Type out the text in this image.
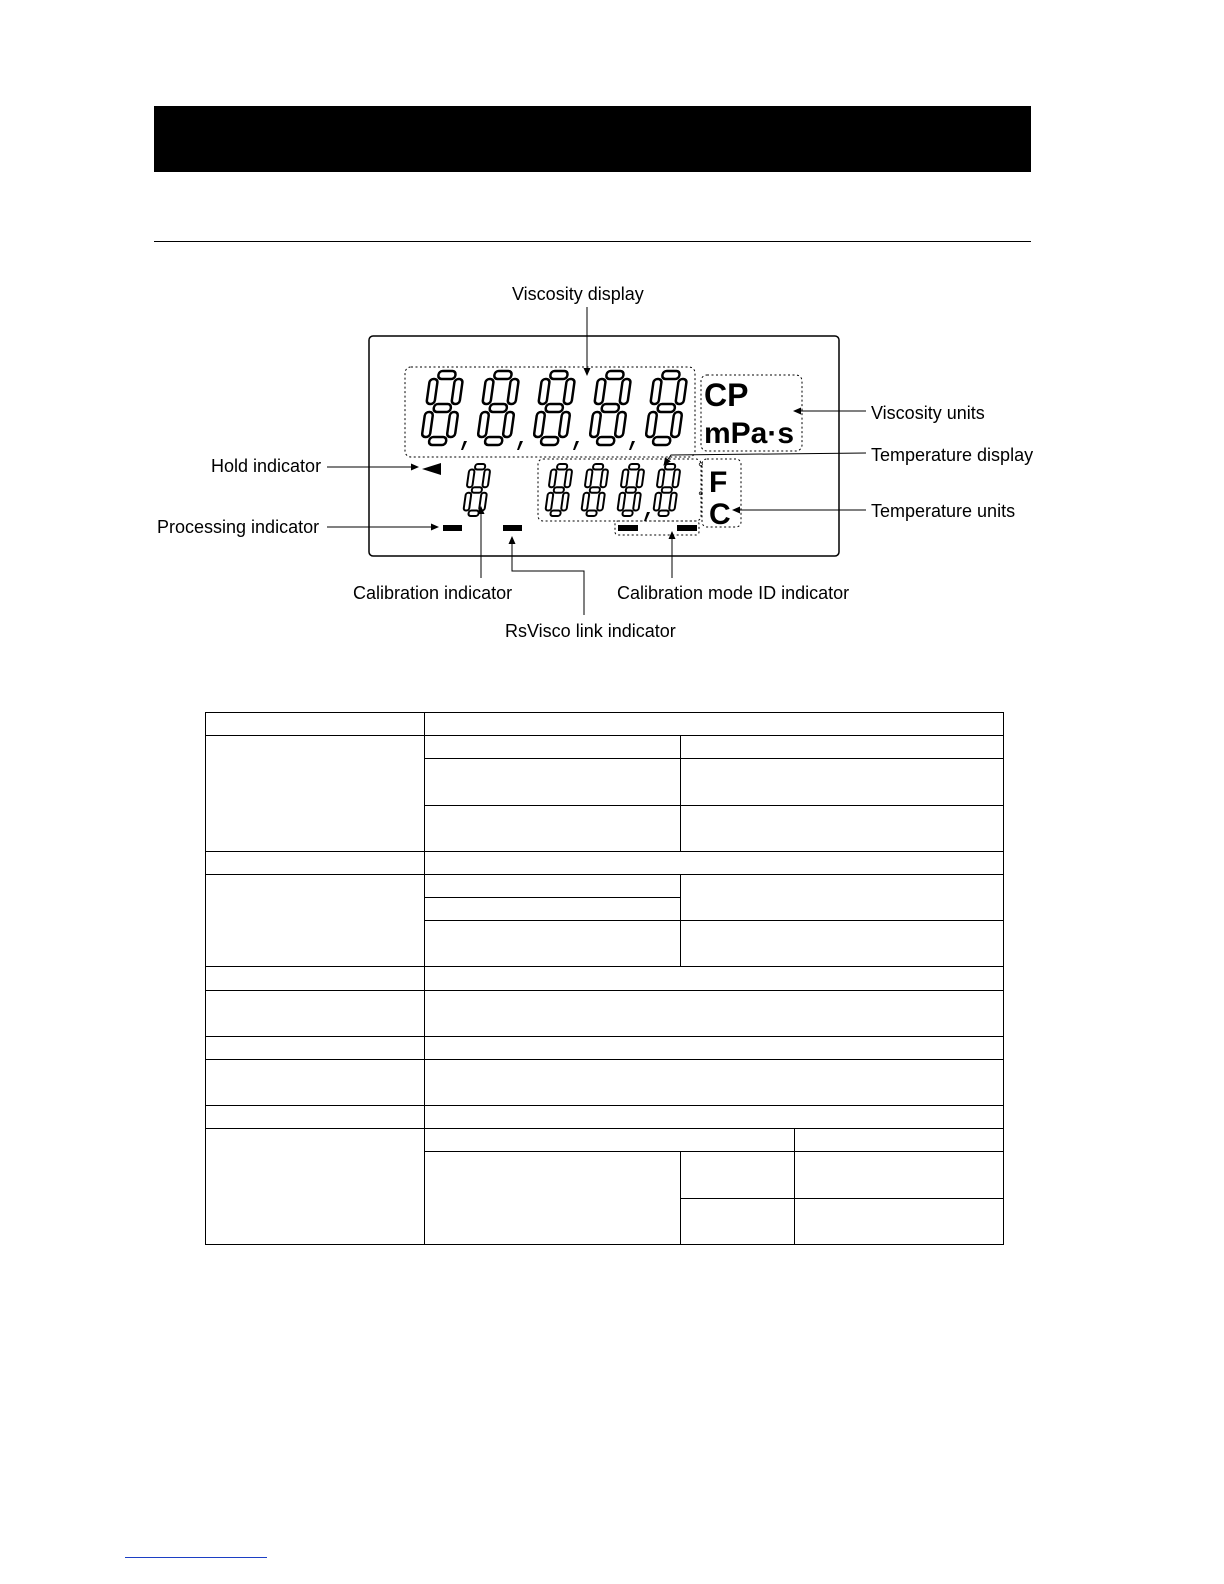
CP
mPa·s
° F
°
C
Viscosity display
Viscosity units
Temperature display
Temperature units
Hold indicator
Processing indicator
Calibration indicator	Calibration mode ID indicator
RsVisco link indicator
